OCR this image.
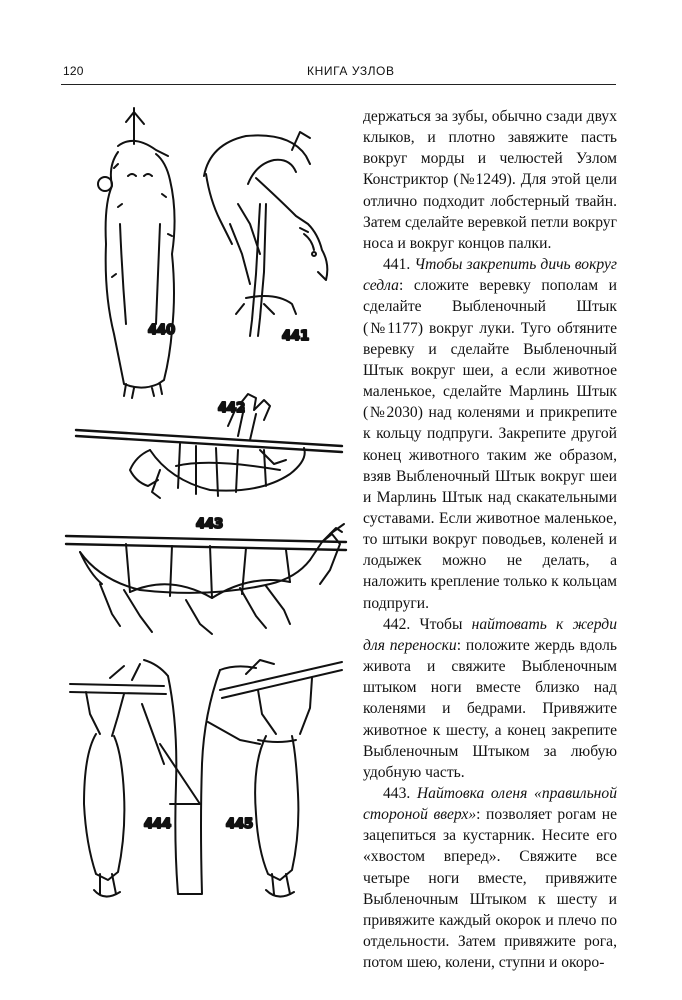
120	КНИГА УЗЛОВ
440	441
442
443
444	445

держаться за зубы, обычно сзади двух клыков, и плотно завяжите пасть вокруг морды и челюстей Узлом Констриктор (№1249). Для этой цели отлично подходит лобстерный твайн. Затем сделайте веревкой петли вокруг носа и вокруг концов палки.

441. Чтобы закрепить дичь вокруг седла: сложите веревку пополам и сделайте Выбленочный Штык (№1177) вокруг луки. Туго обтяните веревку и сделайте Выбленочный Штык вокруг шеи, а если животное маленькое, сделайте Марлинь Штык (№2030) над коленями и прикрепите к кольцу подпруги. Закрепите другой конец животного таким же образом, взяв Выбленочный Штык вокруг шеи и Марлинь Штык над скакательными суставами. Если животное маленькое, то штыки вокруг поводьев, коленей и лодыжек можно не делать, а наложить крепление только к кольцам подпруги.

442. Чтобы найтовать к жерди для переноски: положите жердь вдоль живота и свяжите Выбленочным штыком ноги вместе близко над коленями и бедрами. Привяжите животное к шесту, а конец закрепите Выбленочным Штыком за любую удобную часть.

443. Найтовка оленя «правильной стороной вверх»: позволяет рогам не зацепиться за кустарник. Несите его «хвостом вперед». Свяжите все четыре ноги вместе, привяжите Выбленочным Штыком к шесту и привяжите каждый окорок и плечо по отдельности. Затем привяжите рога, потом шею, колени, ступни и окоро-
